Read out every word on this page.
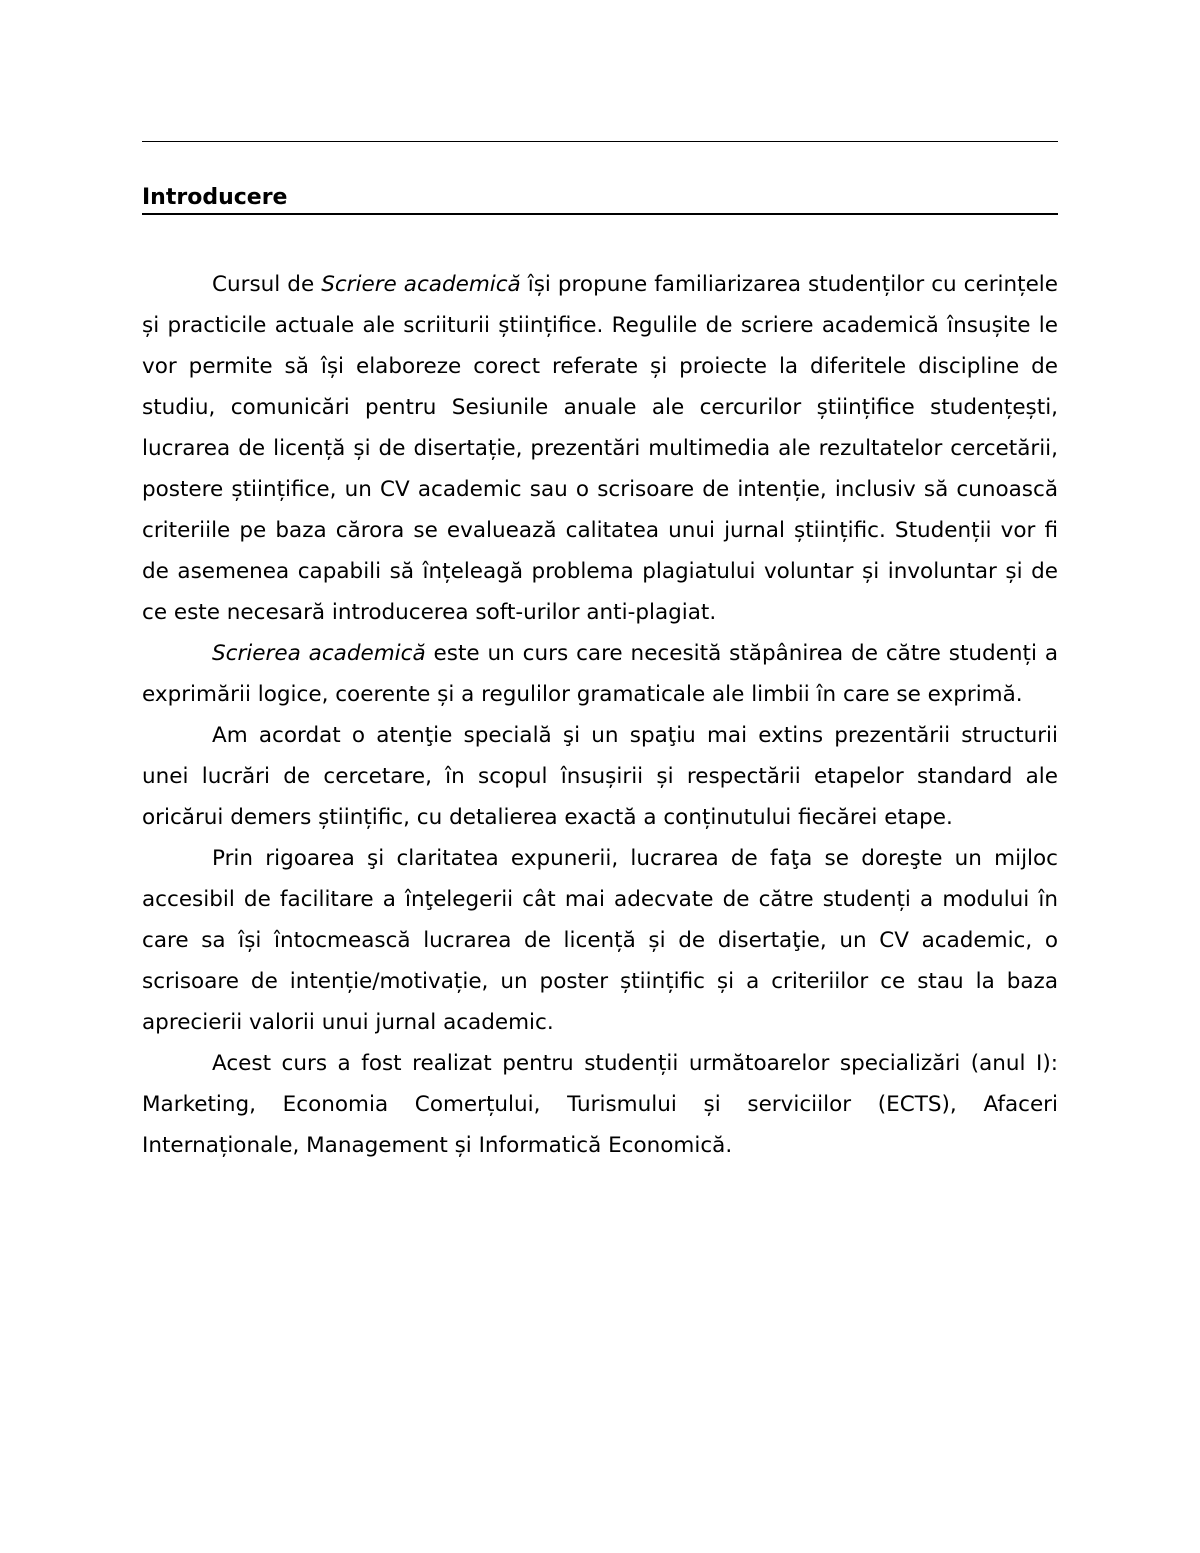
Introducere

Cursul de Scriere academică își propune familiarizarea studenților cu cerințele și practicile actuale ale scriiturii științifice. Regulile de scriere academică însușite le vor permite să își elaboreze corect referate și proiecte la diferitele discipline de studiu, comunicări pentru Sesiunile anuale ale cercurilor științifice studențești, lucrarea de licență și de disertație, prezentări multimedia ale rezultatelor cercetării, postere științifice, un CV academic sau o scrisoare de intenție, inclusiv să cunoască criteriile pe baza cărora se evaluează calitatea unui jurnal științific. Studenții vor fi de asemenea capabili să înțeleagă problema plagiatului voluntar și involuntar și de ce este necesară introducerea soft-urilor anti-plagiat.

Scrierea academică este un curs care necesită stăpânirea de către studenți a exprimării logice, coerente și a regulilor gramaticale ale limbii în care se exprimă.

Am acordat o atenţie specială şi un spaţiu mai extins prezentării structurii unei lucrări de cercetare, în scopul însușirii și respectării etapelor standard ale oricărui demers științific, cu detalierea exactă a conținutului fiecărei etape.

Prin rigoarea şi claritatea expunerii, lucrarea de faţa se doreşte un mijloc accesibil de facilitare a înţelegerii cât mai adecvate de către studenți a modului în care sa își întocmească lucrarea de licență și de disertaţie, un CV academic, o scrisoare de intenție/motivație, un poster științific și a criteriilor ce stau la baza aprecierii valorii unui jurnal academic.

Acest curs a fost realizat pentru studenții următoarelor specializări (anul I): Marketing, Economia Comerțului, Turismului și serviciilor (ECTS), Afaceri Internaționale, Management și Informatică Economică.
